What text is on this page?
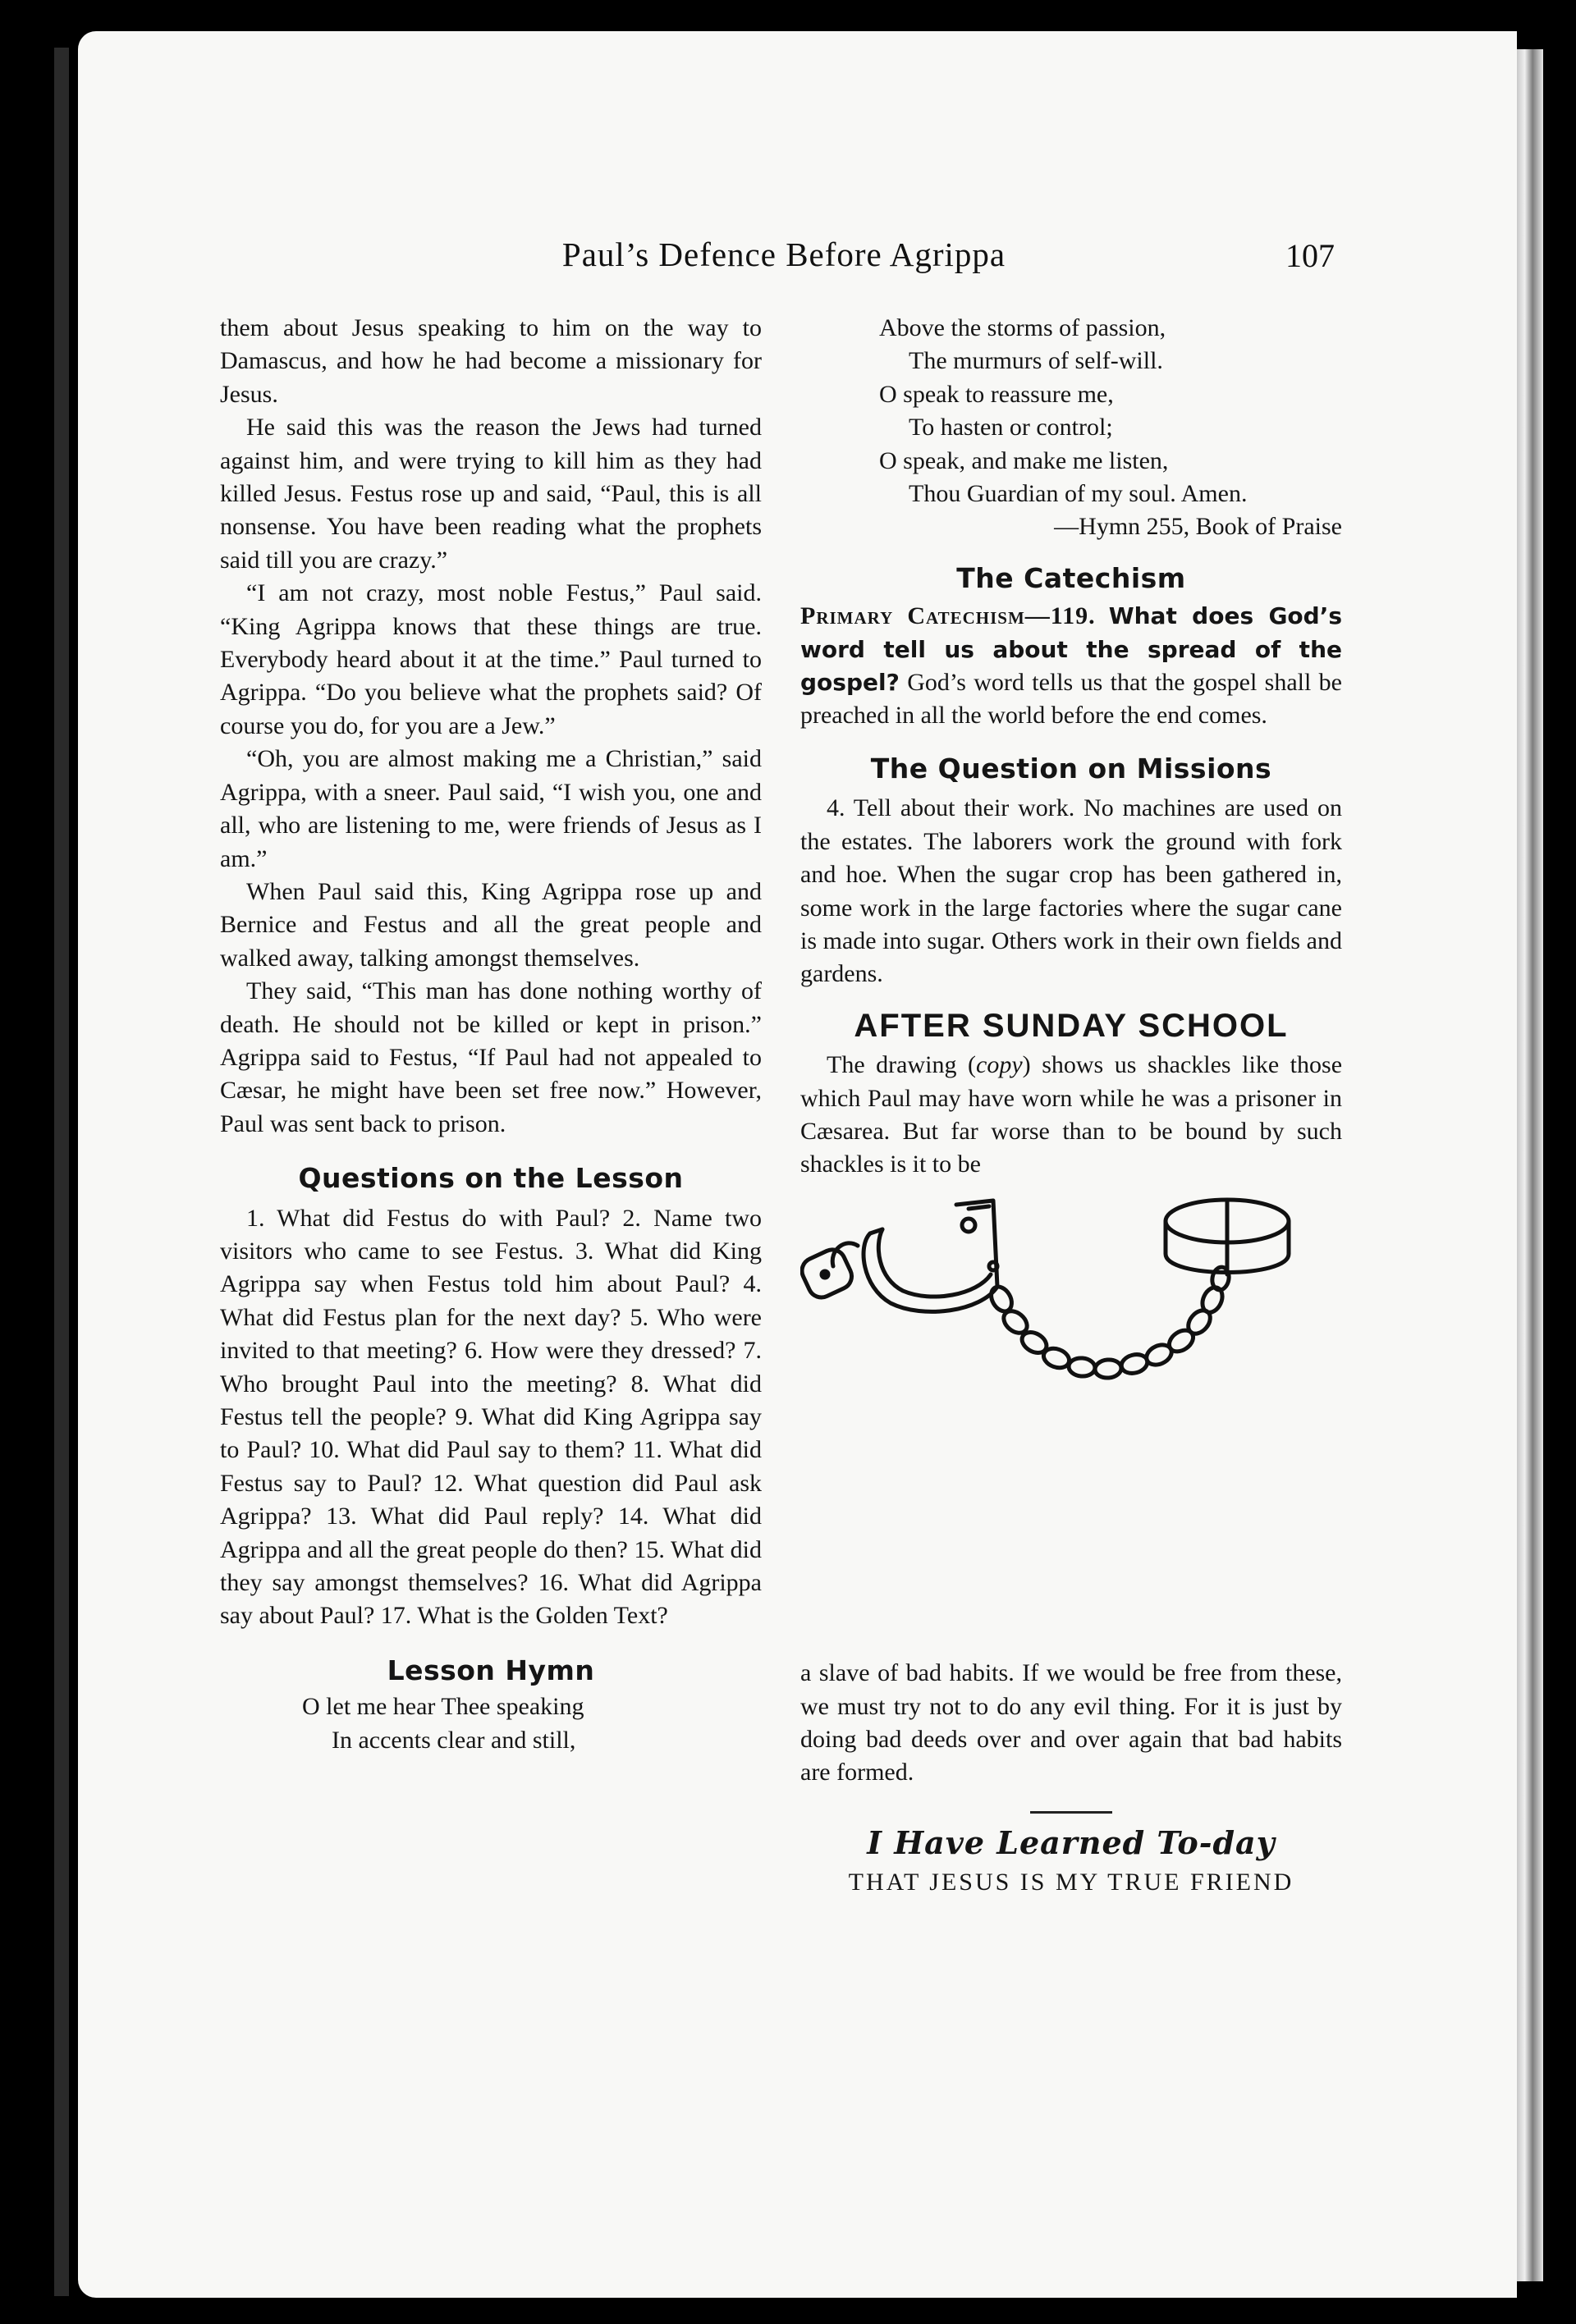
Paul’s Defence Before Agrippa	107

them about Jesus speaking to him on the way to Damascus, and how he had become a missionary for Jesus.

He said this was the reason the Jews had turned against him, and were trying to kill him as they had killed Jesus. Festus rose up and said, “Paul, this is all nonsense. You have been reading what the prophets said till you are crazy.”

“I am not crazy, most noble Festus,” Paul said. “King Agrippa knows that these things are true. Everybody heard about it at the time.” Paul turned to Agrippa. “Do you believe what the prophets said? Of course you do, for you are a Jew.”

“Oh, you are almost making me a Christian,” said Agrippa, with a sneer. Paul said, “I wish you, one and all, who are listening to me, were friends of Jesus as I am.”

When Paul said this, King Agrippa rose up and Bernice and Festus and all the great people and walked away, talking amongst themselves.

They said, “This man has done nothing worthy of death. He should not be killed or kept in prison.” Agrippa said to Festus, “If Paul had not appealed to Cæsar, he might have been set free now.” However, Paul was sent back to prison.

Questions on the Lesson

1. What did Festus do with Paul? 2. Name two visitors who came to see Festus. 3. What did King Agrippa say when Festus told him about Paul? 4. What did Festus plan for the next day? 5. Who were invited to that meeting? 6. How were they dressed? 7. Who brought Paul into the meeting? 8. What did Festus tell the people? 9. What did King Agrippa say to Paul? 10. What did Paul say to them? 11. What did Festus say to Paul? 12. What question did Paul ask Agrippa? 13. What did Paul reply? 14. What did Agrippa and all the great people do then? 15. What did they say amongst themselves? 16. What did Agrippa say about Paul? 17. What is the Golden Text?

Lesson Hymn
O let me hear Thee speaking
In accents clear and still,
Above the storms of passion,
The murmurs of self-will.
O speak to reassure me,
To hasten or control;
O speak, and make me listen,
Thou Guardian of my soul. Amen.
—Hymn 255, Book of Praise
The Catechism

Primary Catechism—119. What does God’s word tell us about the spread of the gospel? God’s word tells us that the gospel shall be preached in all the world before the end comes.

The Question on Missions

4. Tell about their work. No machines are used on the estates. The laborers work the ground with fork and hoe. When the sugar crop has been gathered in, some work in the large factories where the sugar cane is made into sugar. Others work in their own fields and gardens.

AFTER SUNDAY SCHOOL

The drawing (copy) shows us shackles like those which Paul may have worn while he was a prisoner in Cæsarea. But far worse than to be bound by such shackles is it to be

a slave of bad habits. If we would be free from these, we must try not to do any evil thing. For it is just by doing bad deeds over and over again that bad habits are formed.

I Have Learned To-day
THAT JESUS IS MY TRUE FRIEND
